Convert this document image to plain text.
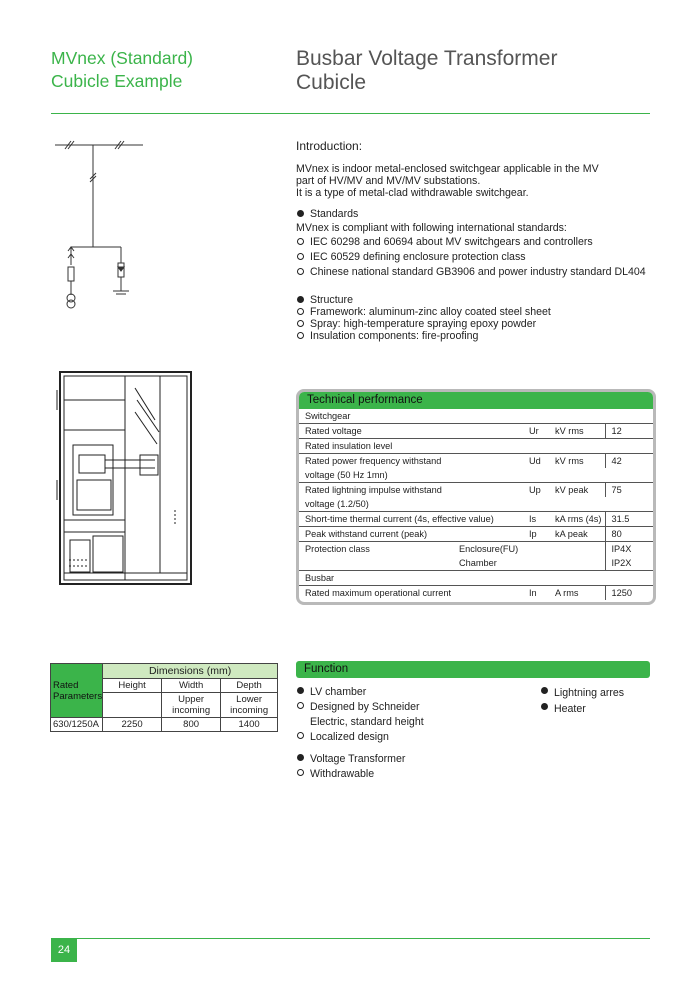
MVnex (Standard)
Cubicle Example
Busbar Voltage Transformer
Cubicle
Introduction:
MVnex is indoor metal-enclosed switchgear applicable in the MV
part of HV/MV and MV/MV substations.
It is a type of metal-clad withdrawable switchgear.
Standards
MVnex is compliant with following international standards:
IEC 60298 and 60694 about MV switchgears and controllers
IEC 60529 defining enclosure protection class
Chinese national standard GB3906 and power industry standard DL404
Structure
Framework: aluminum-zinc alloy coated steel sheet
Spray: high-temperature spraying epoxy powder
Insulation components: fire-proofing
Technical performance
Switchgear			
Rated voltage	Ur	kV rms	12
Rated insulation level			
Rated power frequency withstand	Ud	kV rms	42
voltage (50 Hz 1mn)			
Rated lightning impulse withstand	Up	kV peak	75
voltage (1.2/50)			
Short-time thermal current (4s, effective value)	Is	kA rms (4s)	31.5
Peak withstand current (peak)	Ip	kA peak	80
Protection class	Enclosure(FU)		IP4X
	Chamber		IP2X
Busbar			
Rated maximum operational current	In	A rms	1250
Rated Parameters	Dimensions (mm)		
	Height	Width	Depth
		Upper incoming	Lower incoming
630/1250A	2250	800	1400
Function
LV chamber
Designed by Schneider
Electric, standard height
Localized design
Voltage Transformer
Withdrawable
Lightning arres
Heater
24
